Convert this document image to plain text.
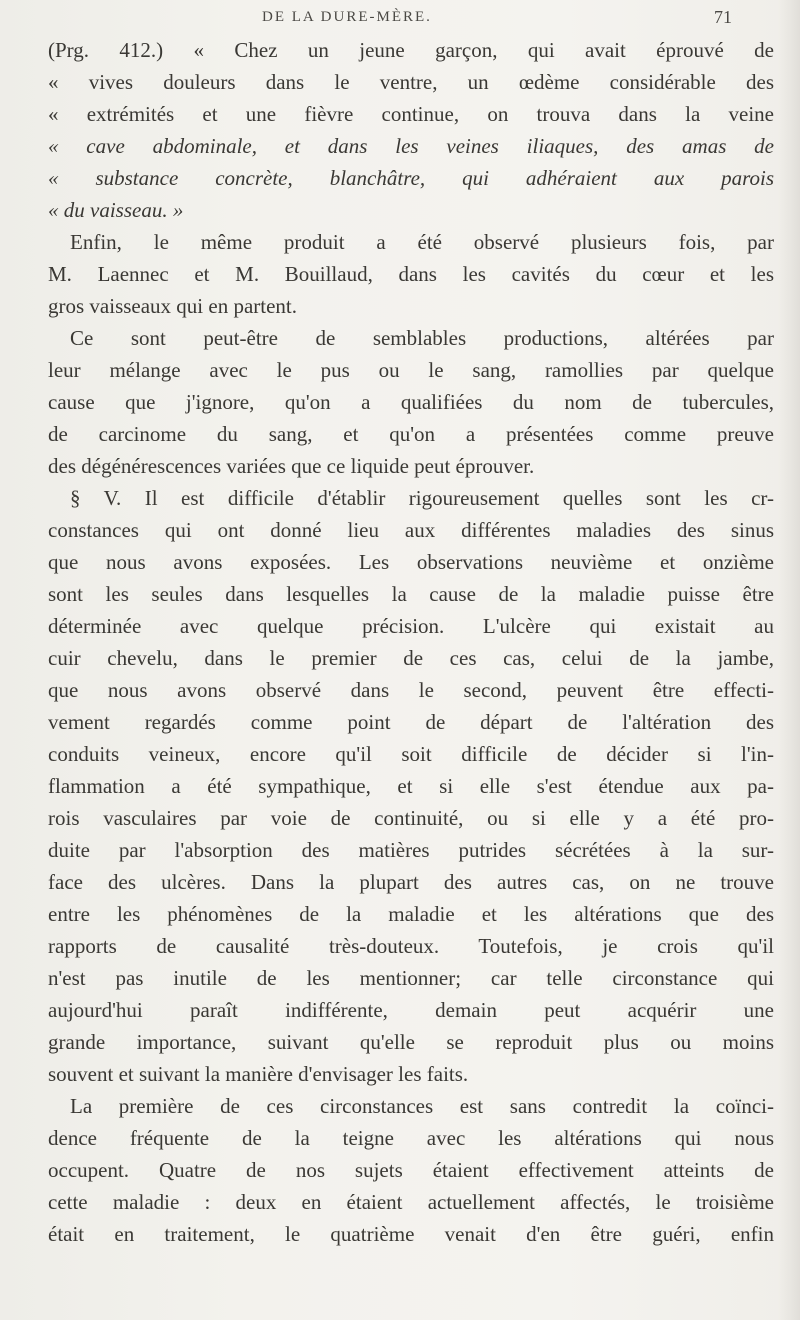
DE LA DURE-MÈRE.	71
(Prg. 412.) « Chez un jeune garçon, qui avait éprouvé de
« vives douleurs dans le ventre, un œdème considérable des
« extrémités et une fièvre continue, on trouva dans la veine
« cave abdominale, et dans les veines iliaques, des amas de
« substance concrète, blanchâtre, qui adhéraient aux parois
« du vaisseau. »
Enfin, le même produit a été observé plusieurs fois, par
M. Laennec et M. Bouillaud, dans les cavités du cœur et les
gros vaisseaux qui en partent.
Ce sont peut-être de semblables productions, altérées par
leur mélange avec le pus ou le sang, ramollies par quelque
cause que j'ignore, qu'on a qualifiées du nom de tubercules,
de carcinome du sang, et qu'on a présentées comme preuve
des dégénérescences variées que ce liquide peut éprouver.
§ V. Il est difficile d'établir rigoureusement quelles sont les cr-
constances qui ont donné lieu aux différentes maladies des sinus
que nous avons exposées. Les observations neuvième et onzième
sont les seules dans lesquelles la cause de la maladie puisse être
déterminée avec quelque précision. L'ulcère qui existait au
cuir chevelu, dans le premier de ces cas, celui de la jambe,
que nous avons observé dans le second, peuvent être effecti-
vement regardés comme point de départ de l'altération des
conduits veineux, encore qu'il soit difficile de décider si l'in-
flammation a été sympathique, et si elle s'est étendue aux pa-
rois vasculaires par voie de continuité, ou si elle y a été pro-
duite par l'absorption des matières putrides sécrétées à la sur-
face des ulcères. Dans la plupart des autres cas, on ne trouve
entre les phénomènes de la maladie et les altérations que des
rapports de causalité très-douteux. Toutefois, je crois qu'il
n'est pas inutile de les mentionner; car telle circonstance qui
aujourd'hui paraît indifférente, demain peut acquérir une
grande importance, suivant qu'elle se reproduit plus ou moins
souvent et suivant la manière d'envisager les faits.
La première de ces circonstances est sans contredit la coïnci-
dence fréquente de la teigne avec les altérations qui nous
occupent. Quatre de nos sujets étaient effectivement atteints de
cette maladie : deux en étaient actuellement affectés, le troisième
était en traitement, le quatrième venait d'en être guéri, enfin
